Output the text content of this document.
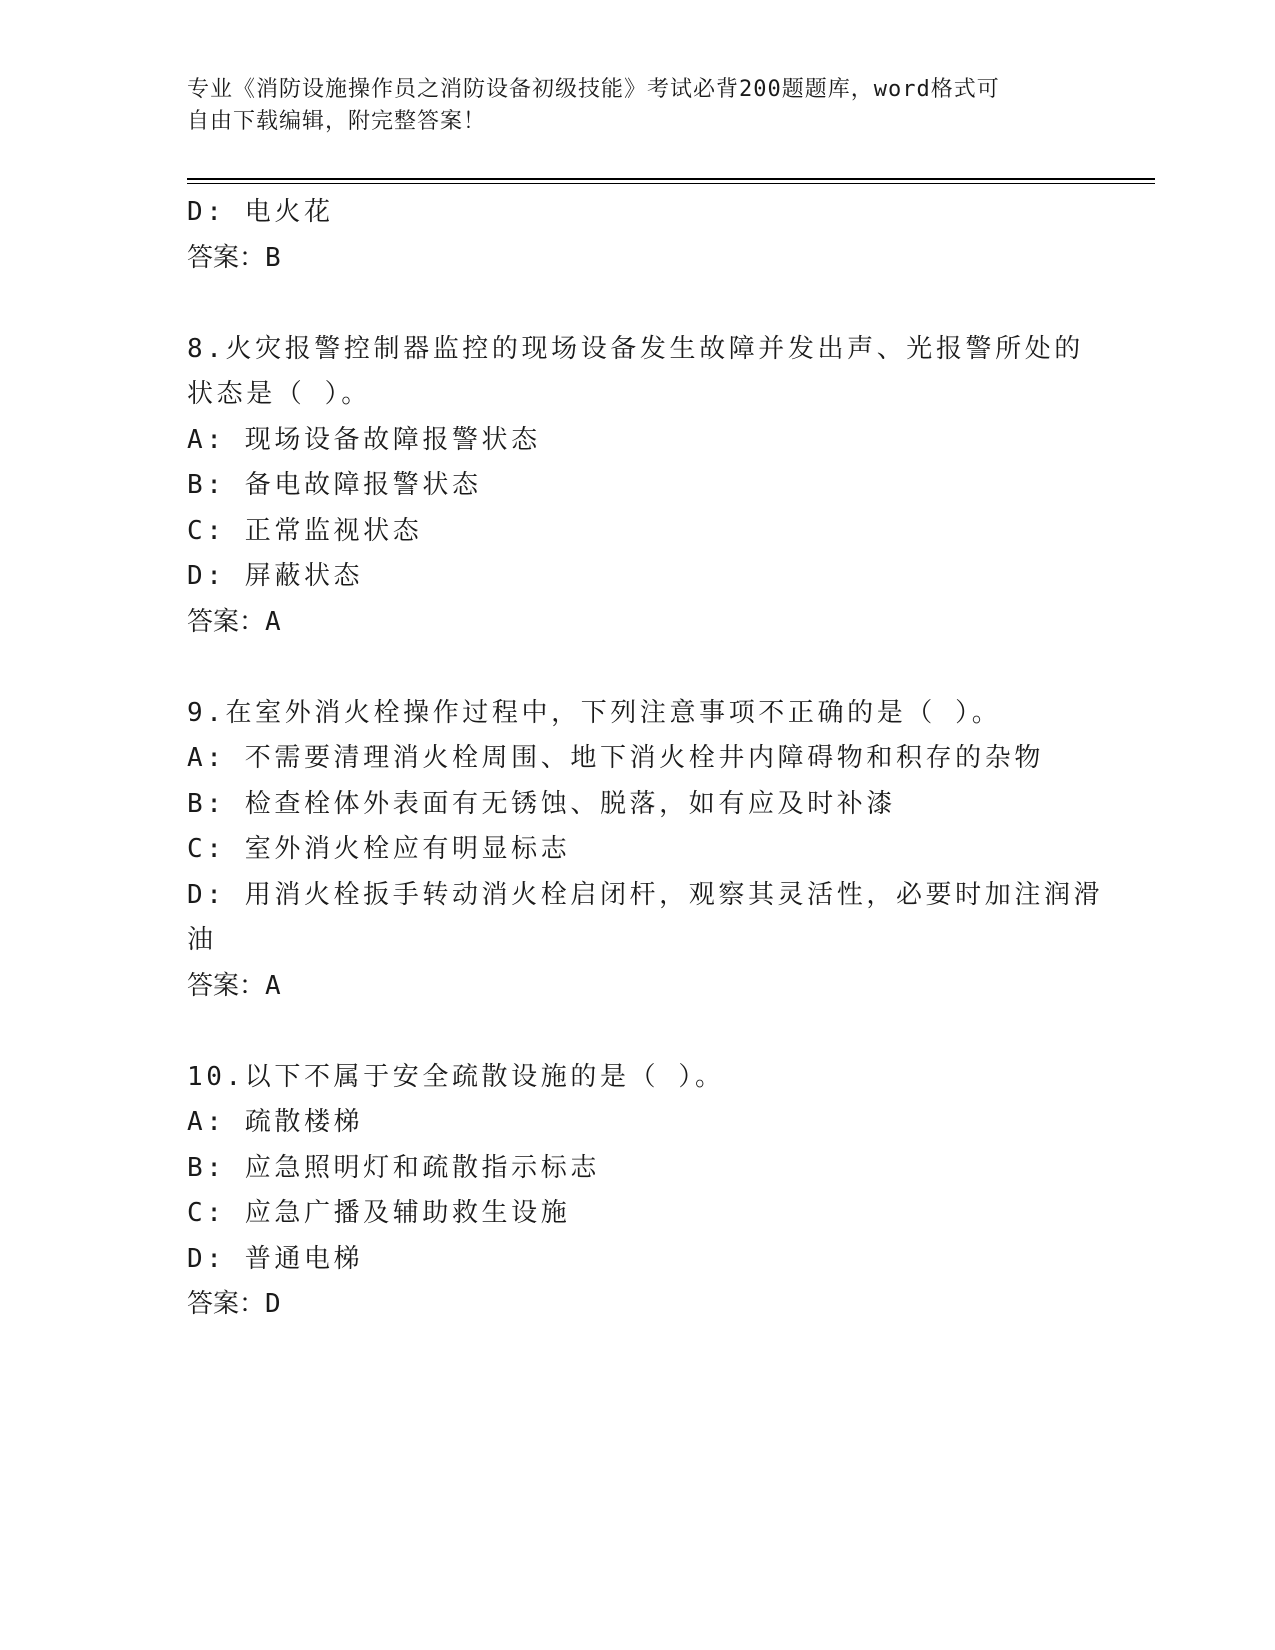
专业《消防设施操作员之消防设备初级技能》考试必背200题题库，word格式可

自由下载编辑，附完整答案！

D: 电火花
答案：B
8.火灾报警控制器监控的现场设备发生故障并发出声、光报警所处的
状态是（ ）。
A: 现场设备故障报警状态
B: 备电故障报警状态
C: 正常监视状态
D: 屏蔽状态
答案：A
9.在室外消火栓操作过程中，下列注意事项不正确的是（ ）。
A: 不需要清理消火栓周围、地下消火栓井内障碍物和积存的杂物
B: 检查栓体外表面有无锈蚀、脱落，如有应及时补漆
C: 室外消火栓应有明显标志
D: 用消火栓扳手转动消火栓启闭杆，观察其灵活性，必要时加注润滑
油
答案：A
10.以下不属于安全疏散设施的是（ ）。
A: 疏散楼梯
B: 应急照明灯和疏散指示标志
C: 应急广播及辅助救生设施
D: 普通电梯
答案：D
